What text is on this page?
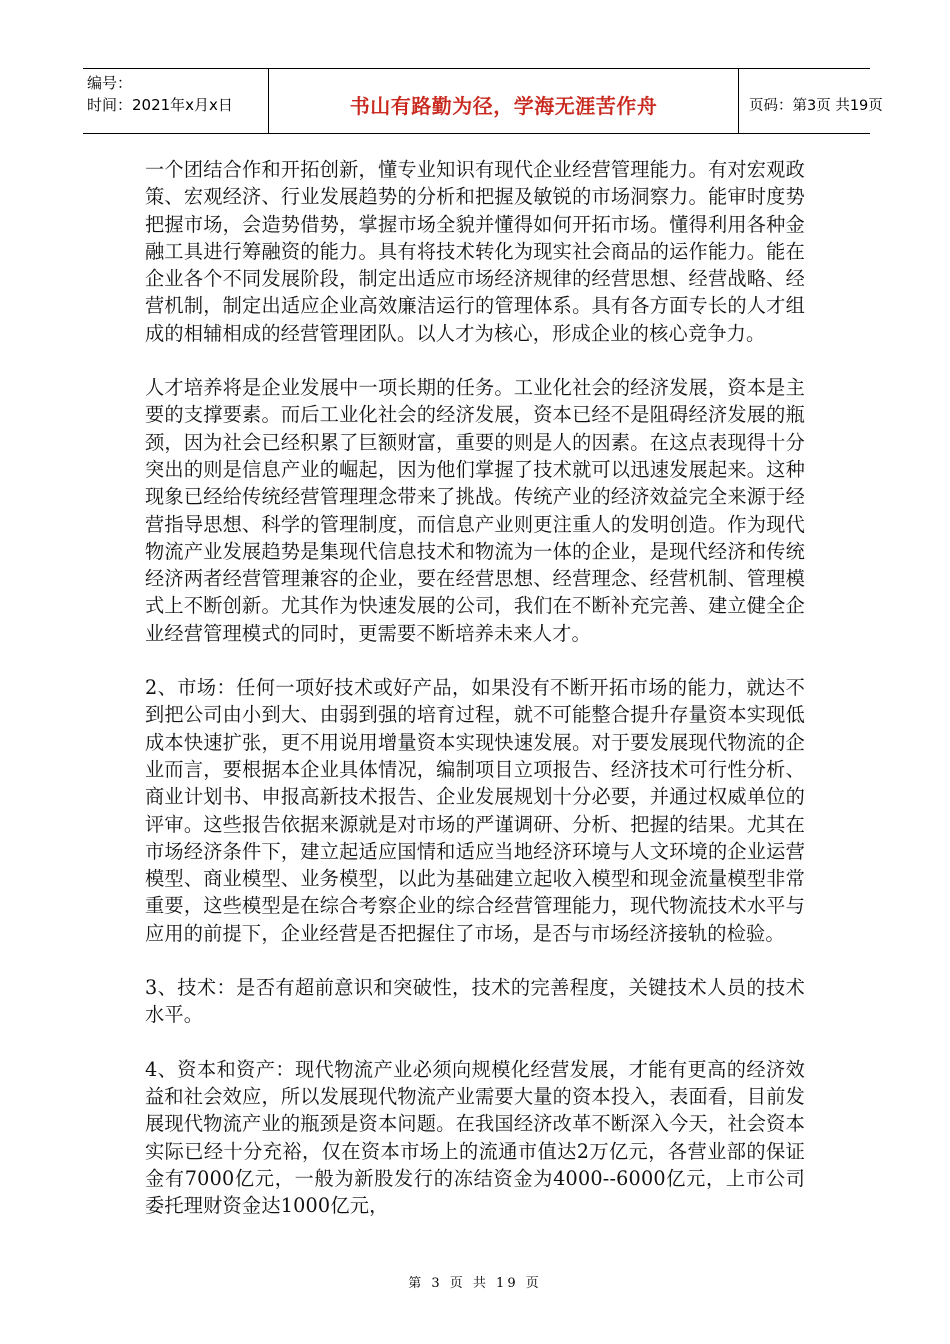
编号：
时间：2021年x月x日	书山有路勤为径，学海无涯苦作舟	页码：第3页 共19页

一个团结合作和开拓创新，懂专业知识有现代企业经营管理能力。有对宏观政策、宏观经济、行业发展趋势的分析和把握及敏锐的市场洞察力。能审时度势把握市场，会造势借势，掌握市场全貌并懂得如何开拓市场。懂得利用各种金融工具进行筹融资的能力。具有将技术转化为现实社会商品的运作能力。能在企业各个不同发展阶段，制定出适应市场经济规律的经营思想、经营战略、经营机制，制定出适应企业高效廉洁运行的管理体系。具有各方面专长的人才组成的相辅相成的经营管理团队。以人才为核心，形成企业的核心竞争力。

人才培养将是企业发展中一项长期的任务。工业化社会的经济发展，资本是主要的支撑要素。而后工业化社会的经济发展，资本已经不是阻碍经济发展的瓶颈，因为社会已经积累了巨额财富，重要的则是人的因素。在这点表现得十分突出的则是信息产业的崛起，因为他们掌握了技术就可以迅速发展起来。这种现象已经给传统经营管理理念带来了挑战。传统产业的经济效益完全来源于经营指导思想、科学的管理制度，而信息产业则更注重人的发明创造。作为现代物流产业发展趋势是集现代信息技术和物流为一体的企业，是现代经济和传统经济两者经营管理兼容的企业，要在经营思想、经营理念、经营机制、管理模式上不断创新。尤其作为快速发展的公司，我们在不断补充完善、建立健全企业经营管理模式的同时，更需要不断培养未来人才。

2、市场：任何一项好技术或好产品，如果没有不断开拓市场的能力，就达不到把公司由小到大、由弱到强的培育过程，就不可能整合提升存量资本实现低成本快速扩张，更不用说用增量资本实现快速发展。对于要发展现代物流的企业而言，要根据本企业具体情况，编制项目立项报告、经济技术可行性分析、商业计划书、申报高新技术报告、企业发展规划十分必要，并通过权威单位的评审。这些报告依据来源就是对市场的严谨调研、分析、把握的结果。尤其在市场经济条件下，建立起适应国情和适应当地经济环境与人文环境的企业运营模型、商业模型、业务模型，以此为基础建立起收入模型和现金流量模型非常重要，这些模型是在综合考察企业的综合经营管理能力，现代物流技术水平与应用的前提下，企业经营是否把握住了市场，是否与市场经济接轨的检验。

3、技术：是否有超前意识和突破性，技术的完善程度，关键技术人员的技术水平。

4、资本和资产：现代物流产业必须向规模化经营发展，才能有更高的经济效益和社会效应，所以发展现代物流产业需要大量的资本投入，表面看，目前发展现代物流产业的瓶颈是资本问题。在我国经济改革不断深入今天，社会资本实际已经十分充裕，仅在资本市场上的流通市值达2万亿元，各营业部的保证金有7000亿元，一般为新股发行的冻结资金为4000--6000亿元，上市公司委托理财资金达1000亿元，

第 3 页 共 19 页
